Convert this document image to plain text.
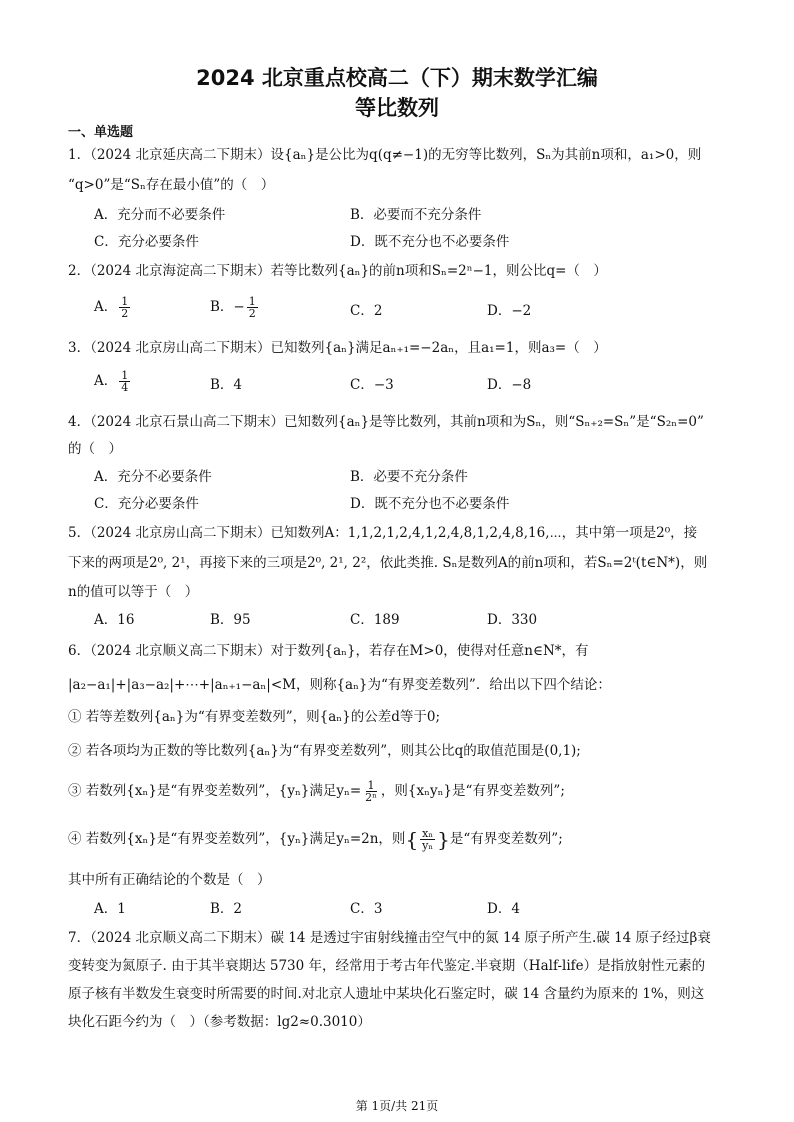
2024 北京重点校高二（下）期末数学汇编
等比数列
一、单选题
1．（2024 北京延庆高二下期末）设{aₙ}是公比为q(q≠−1)的无穷等比数列，Sₙ为其前n项和，a₁>0，则
“q>0”是“Sₙ存在最小值”的（　）
A．充分而不必要条件	B．必要而不充分条件
C．充分必要条件	D．既不充分也不必要条件
2．（2024 北京海淀高二下期末）若等比数列{aₙ}的前n项和Sₙ=2ⁿ−1，则公比q=（　）
A． $\frac{1}{2}$	B．− $\frac{1}{2}$	C．2	D．−2
3．（2024 北京房山高二下期末）已知数列{aₙ}满足aₙ₊₁=−2aₙ，且a₁=1，则a₃=（　）
A． $\frac{1}{4}$	B．4	C．−3	D．−8
4．（2024 北京石景山高二下期末）已知数列{aₙ}是等比数列，其前n项和为Sₙ，则“Sₙ₊₂=Sₙ”是“S₂ₙ=0”
的（　）
A．充分不必要条件	B．必要不充分条件
C．充分必要条件	D．既不充分也不必要条件
5．（2024 北京房山高二下期末）已知数列A：1,1,2,1,2,4,1,2,4,8,1,2,4,8,16,⋯，其中第一项是2⁰，接
下来的两项是2⁰, 2¹，再接下来的三项是2⁰, 2¹, 2²，依此类推. Sₙ是数列A的前n项和，若Sₙ=2ᵗ(t∈N*)，则
n的值可以等于（　）
A．16	B．95	C．189	D．330
6．（2024 北京顺义高二下期末）对于数列{aₙ}，若存在M>0，使得对任意n∈N*，有
|a₂−a₁|+|a₃−a₂|+⋯+|aₙ₊₁−aₙ|<M，则称{aₙ}为“有界变差数列”．给出以下四个结论：
① 若等差数列{aₙ}为“有界变差数列”，则{aₙ}的公差d等于0;
② 若各项均为正数的等比数列{aₙ}为“有界变差数列”，则其公比q的取值范围是(0,1);
③ 若数列{xₙ}是“有界变差数列”，{yₙ}满足$y_n= \frac{1}{\text{2ⁿ}}$ ，则{xₙyₙ}是“有界变差数列”;
④ 若数列{xₙ}是“有界变差数列”，{yₙ}满足yₙ=2n，则{ $\frac{\text{xₙ}}{\text{yₙ}}$ }是“有界变差数列”;
其中所有正确结论的个数是（　）
A．1	B．2	C．3	D．4
7．（2024 北京顺义高二下期末）碳 14 是透过宇宙射线撞击空气中的氮 14 原子所产生.碳 14 原子经过β衰
变转变为氮原子. 由于其半衰期达 5730 年，经常用于考古年代鉴定.半衰期（Half-life）是指放射性元素的
原子核有半数发生衰变时所需要的时间.对北京人遗址中某块化石鉴定时，碳 14 含量约为原来的 1%，则这
块化石距今约为（　）（参考数据：lg2≈0.3010）
第 1页/共 21页
